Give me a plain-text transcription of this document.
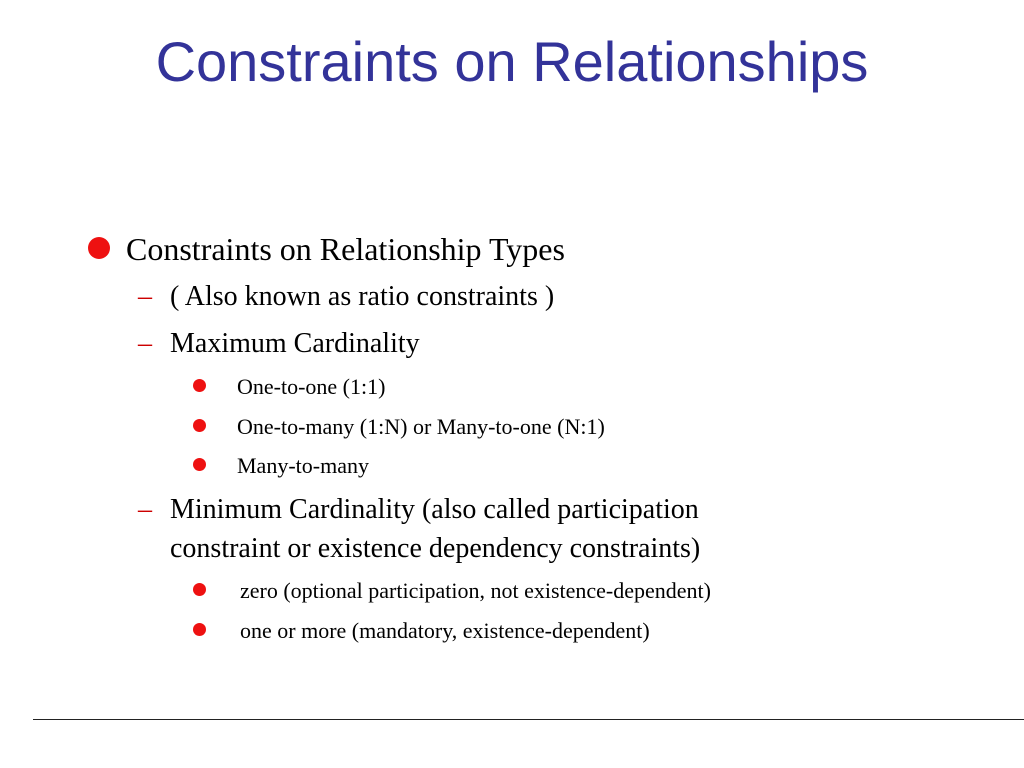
Constraints on Relationships
Constraints on Relationship Types
– ( Also known as ratio constraints )
– Maximum Cardinality
One-to-one (1:1)
One-to-many (1:N) or Many-to-one (N:1)
Many-to-many
– Minimum Cardinality (also called participation
constraint or existence dependency constraints)
zero (optional participation, not existence-dependent)
one or more (mandatory, existence-dependent)
